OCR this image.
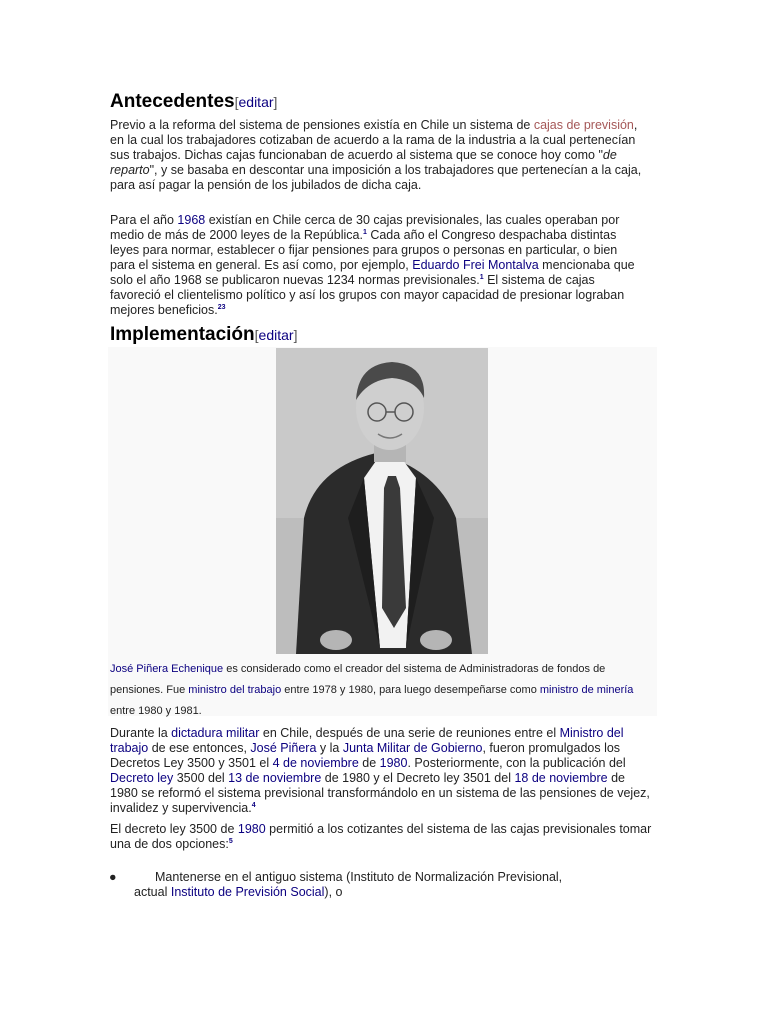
Antecedentes[editar]

Previo a la reforma del sistema de pensiones existía en Chile un sistema de cajas de previsión, en la cual los trabajadores cotizaban de acuerdo a la rama de la industria a la cual pertenecían sus trabajos. Dichas cajas funcionaban de acuerdo al sistema que se conoce hoy como "de reparto", y se basaba en descontar una imposición a los trabajadores que pertenecían a la caja, para así pagar la pensión de los jubilados de dicha caja.

Para el año 1968 existían en Chile cerca de 30 cajas previsionales, las cuales operaban por medio de más de 2000 leyes de la República.$^1$ Cada año el Congreso despachaba distintas leyes para normar, establecer o fijar pensiones para grupos o personas en particular, o bien para el sistema en general. Es así como, por ejemplo, Eduardo Frei Montalva mencionaba que solo el año 1968 se publicaron nuevas 1234 normas previsionales.$^1$ El sistema de cajas favoreció el clientelismo político y así los grupos con mayor capacidad de presionar lograban mejores beneficios.$^{23}$

Implementación[editar]
José Piñera Echenique es considerado como el creador del sistema de Administradoras de fondos de pensiones. Fue ministro del trabajo entre 1978 y 1980, para luego desempeñarse como ministro de minería entre 1980 y 1981.

Durante la dictadura militar en Chile, después de una serie de reuniones entre el Ministro del trabajo de ese entonces, José Piñera y la Junta Militar de Gobierno, fueron promulgados los Decretos Ley 3500 y 3501 el 4 de noviembre de 1980. Posteriormente, con la publicación del Decreto ley 3500 del 13 de noviembre de 1980 y el Decreto ley 3501 del 18 de noviembre de 1980 se reformó el sistema previsional transformándolo en un sistema de las pensiones de vejez, invalidez y supervivencia.$^4$

El decreto ley 3500 de 1980 permitió a los cotizantes del sistema de las cajas previsionales tomar una de dos opciones:$^5$

●	Mantenerse en el antiguo sistema (Instituto de Normalización Previsional,
actual Instituto de Previsión Social), o
